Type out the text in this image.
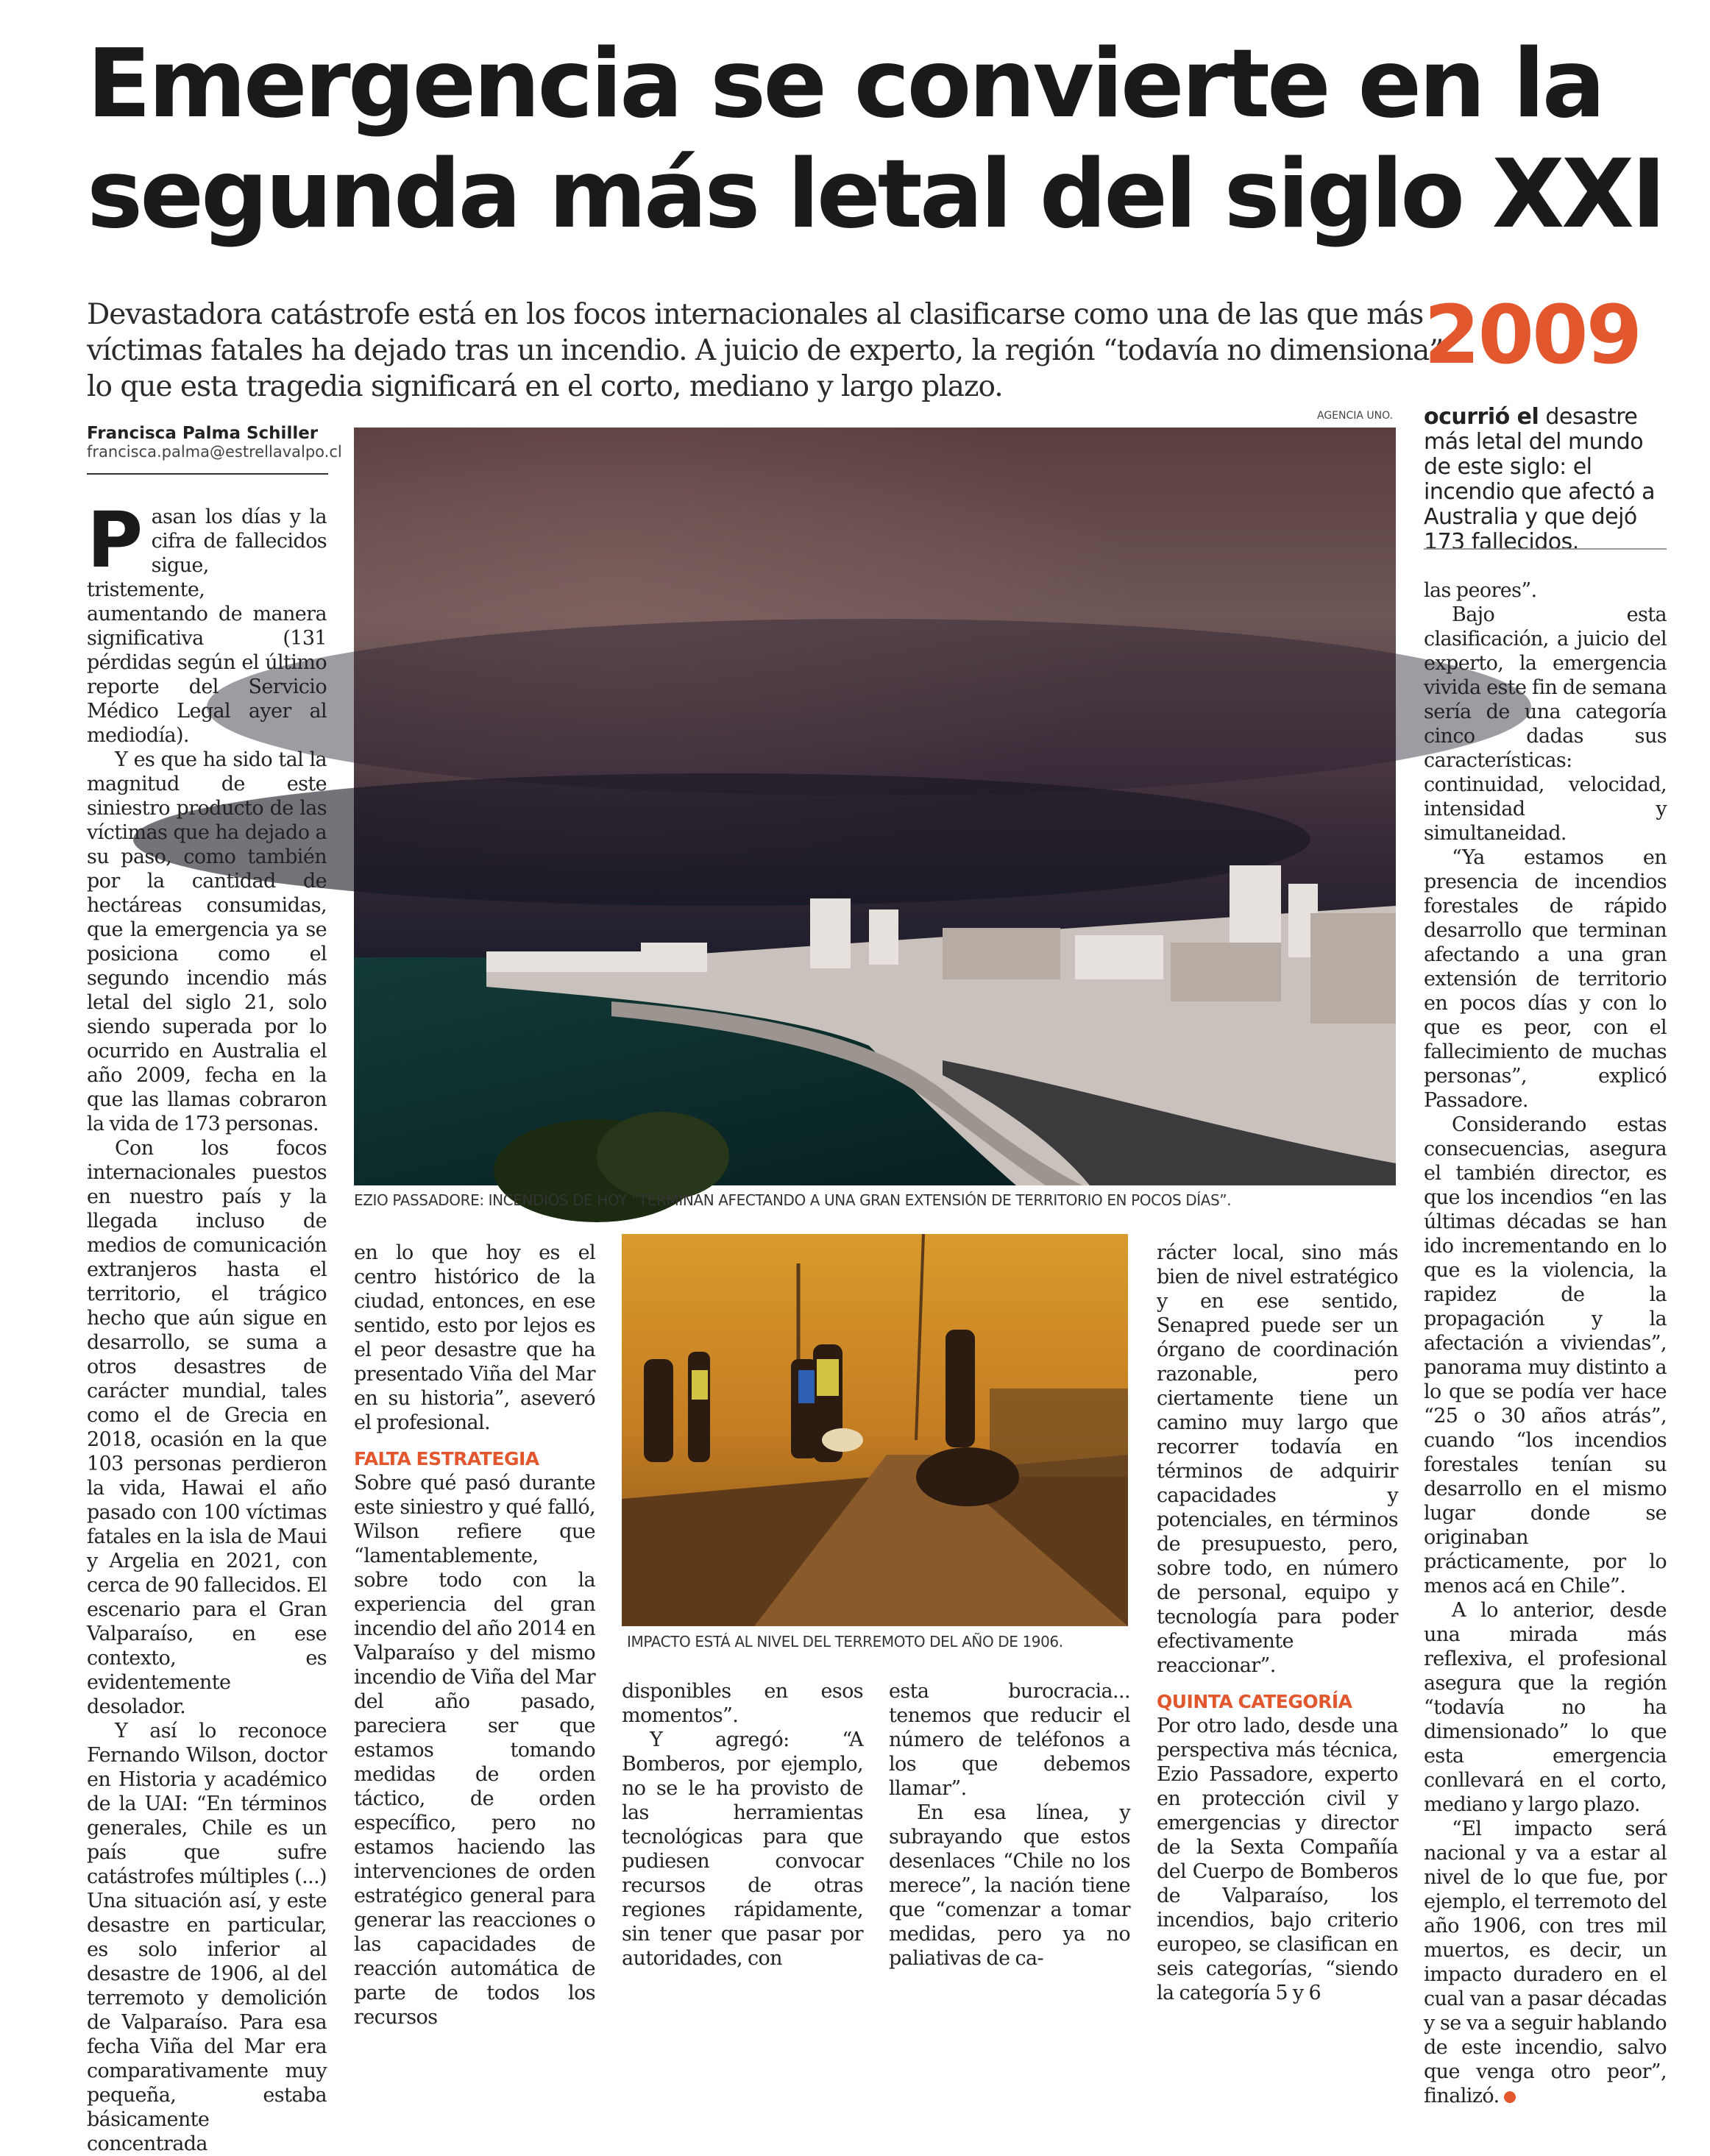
Emergencia se convierte en la
segunda más letal del siglo XXI
Devastadora catástrofe está en los focos internacionales al clasificarse como una de las que más
víctimas fatales ha dejado tras un incendio. A juicio de experto, la región “todavía no dimensiona”
lo que esta tragedia significará en el corto, mediano y largo plazo.
2009
ocurrió el desastre más letal del mundo de este siglo: el incendio que afectó a Australia y que dejó 173 fallecidos.
Francisca Palma Schiller
francisca.palma@estrellavalpo.cl
AGENCIA UNO.
EZIO PASSADORE: INCENDIOS DE HOY “TERMINAN AFECTANDO A UNA GRAN EXTENSIÓN DE TERRITORIO EN POCOS DÍAS”.
IMPACTO ESTÁ AL NIVEL DEL TERREMOTO DEL AÑO DE 1906.

Pasan los días y la cifra de fallecidos sigue, tristemente, aumentando de manera significativa (131 pérdidas según el último reporte del Servicio Médico Legal ayer al mediodía).

Y es que ha sido tal la magnitud de este siniestro producto de las víctimas que ha dejado a su paso, como también por la cantidad de hectáreas consumidas, que la emergencia ya se posiciona como el segundo incendio más letal del siglo 21, solo siendo superada por lo ocurrido en Australia el año 2009, fecha en la que las llamas cobraron la vida de 173 personas.

Con los focos internacionales puestos en nuestro país y la llegada incluso de medios de comunicación extranjeros hasta el territorio, el trágico hecho que aún sigue en desarrollo, se suma a otros desastres de carácter mundial, tales como el de Grecia en 2018, ocasión en la que 103 personas perdieron la vida, Hawai el año pasado con 100 víctimas fatales en la isla de Maui y Argelia en 2021, con cerca de 90 fallecidos. El escenario para el Gran Valparaíso, en ese contexto, es evidentemente desolador.

Y así lo reconoce Fernando Wilson, doctor en Historia y académico de la UAI: “En términos generales, Chile es un país que sufre catástrofes múltiples (...) Una situación así, y este desastre en particular, es solo inferior al desastre de 1906, al del terremoto y demolición de Valparaíso. Para esa fecha Viña del Mar era comparativamente muy pequeña, estaba básicamente concentrada

en lo que hoy es el centro histórico de la ciudad, entonces, en ese sentido, esto por lejos es el peor desastre que ha presentado Viña del Mar en su historia”, aseveró el profesional.

FALTA ESTRATEGIA

Sobre qué pasó durante este siniestro y qué falló, Wilson refiere que “lamentablemente, sobre todo con la experiencia del gran incendio del año 2014 en Valparaíso y del mismo incendio de Viña del Mar del año pasado, pareciera ser que estamos tomando medidas de orden táctico, de orden específico, pero no estamos haciendo las intervenciones de orden estratégico general para generar las reacciones o las capacidades de reacción automática de parte de todos los recursos

disponibles en esos momentos”.

Y agregó: “A Bomberos, por ejemplo, no se le ha provisto de las herramientas tecnológicas para que pudiesen convocar recursos de otras regiones rápidamente, sin tener que pasar por autoridades, con

esta burocracia... tenemos que reducir el número de teléfonos a los que debemos llamar”.

En esa línea, y subrayando que estos desenlaces “Chile no los merece”, la nación tiene que “comenzar a tomar medidas, pero ya no paliativas de ca-

rácter local, sino más bien de nivel estratégico y en ese sentido, Senapred puede ser un órgano de coordinación razonable, pero ciertamente tiene un camino muy largo que recorrer todavía en términos de adquirir capacidades y potenciales, en términos de presupuesto, pero, sobre todo, en número de personal, equipo y tecnología para poder efectivamente reaccionar”.

QUINTA CATEGORÍA

Por otro lado, desde una perspectiva más técnica, Ezio Passadore, experto en protección civil y emergencias y director de la Sexta Compañía del Cuerpo de Bomberos de Valparaíso, los incendios, bajo criterio europeo, se clasifican en seis categorías, “siendo la categoría 5 y 6

las peores”.

Bajo esta clasificación, a juicio del experto, la emergencia vivida este fin de semana sería de una categoría cinco dadas sus características: continuidad, velocidad, intensidad y simultaneidad.

“Ya estamos en presencia de incendios forestales de rápido desarrollo que terminan afectando a una gran extensión de territorio en pocos días y con lo que es peor, con el fallecimiento de muchas personas”, explicó Passadore.

Considerando estas consecuencias, asegura el también director, es que los incendios “en las últimas décadas se han ido incrementando en lo que es la violencia, la rapidez de la propagación y la afectación a viviendas”, panorama muy distinto a lo que se podía ver hace “25 o 30 años atrás”, cuando “los incendios forestales tenían su desarrollo en el mismo lugar donde se originaban prácticamente, por lo menos acá en Chile”.

A lo anterior, desde una mirada más reflexiva, el profesional asegura que la región “todavía no ha dimensionado” lo que esta emergencia conllevará en el corto, mediano y largo plazo.

“El impacto será nacional y va a estar al nivel de lo que fue, por ejemplo, el terremoto del año 1906, con tres mil muertos, es decir, un impacto duradero en el cual van a pasar décadas y se va a seguir hablando de este incendio, salvo que venga otro peor”, finalizó.
